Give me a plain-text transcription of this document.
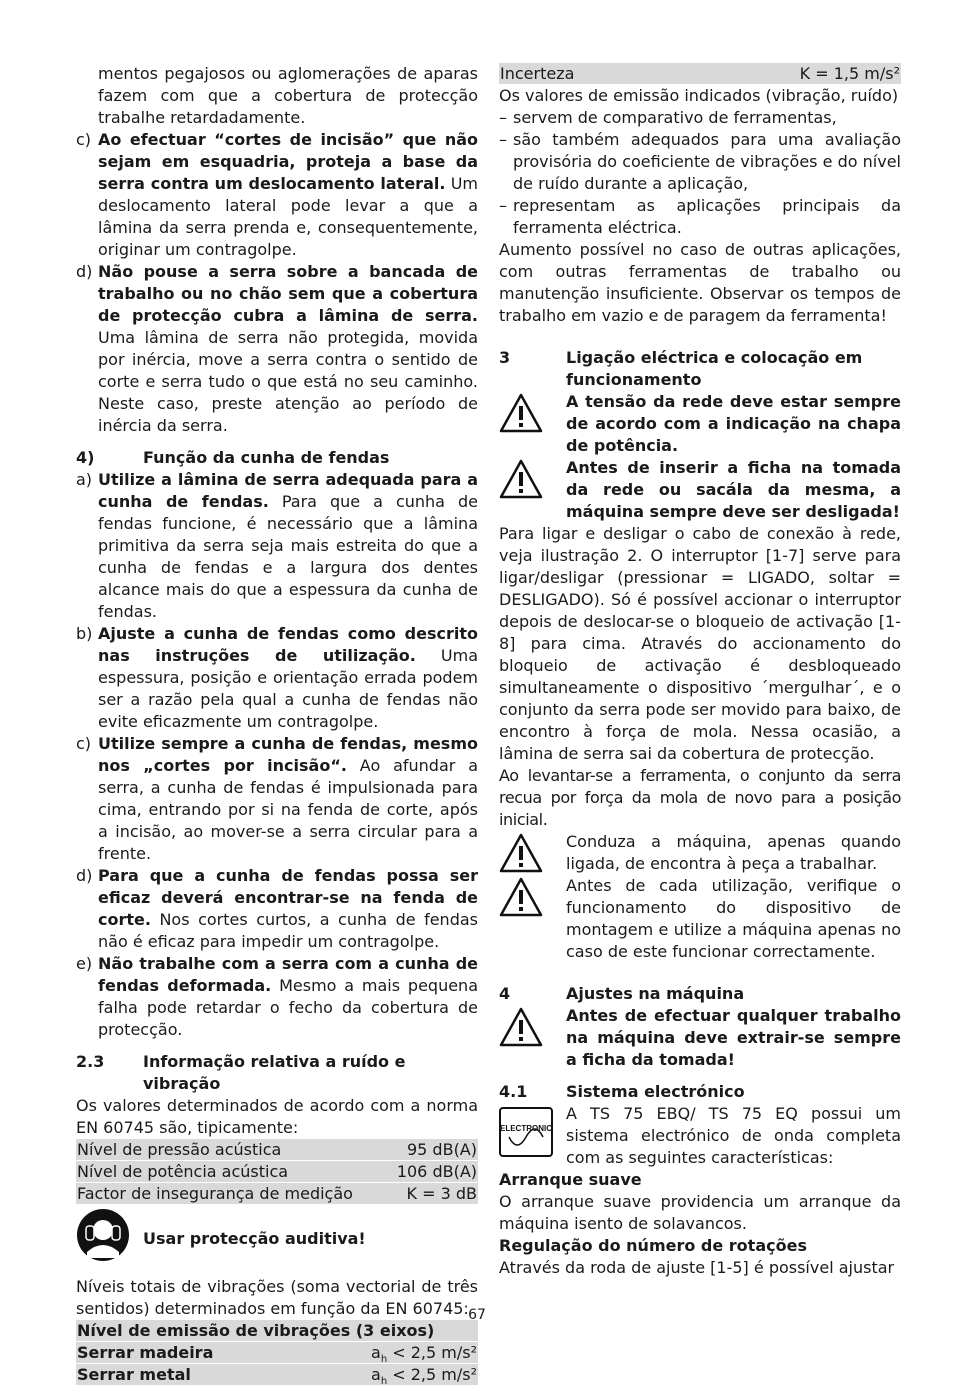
mentos pegajosos ou aglomerações de aparas fazem com que a cobertura de protecção trabalhe retardadamente.

c) Ao efectuar “cortes de incisão” que não sejam em esquadria, proteja a base da serra contra um deslocamento lateral. Um deslocamento lateral pode levar a que a lâmina da serra prenda e, consequentemente, originar um contragolpe.
d) Não pouse a serra sobre a bancada de trabalho ou no chão sem que a cobertura de protecção cubra a lâmina de serra. Uma lâmina de serra não protegida, movida por inércia, move a serra contra o sentido de corte e serra tudo o que está no seu caminho. Neste caso, preste atenção ao período de inércia da serra.
4)	Função da cunha de fendas
a) Utilize a lâmina de serra adequada para a cunha de fendas. Para que a cunha de fendas funcione, é necessário que a lâmina primitiva da serra seja mais estreita do que a cunha de fendas e a largura dos dentes alcance mais do que a espessura da cunha de fendas.
b) Ajuste a cunha de fendas como descrito nas instruções de utilização. Uma espessura, posição e orientação errada podem ser a razão pela qual a cunha de fendas não evite eficazmente um contragolpe.
c) Utilize sempre a cunha de fendas, mesmo nos „cortes por incisão“. Ao afundar a serra, a cunha de fendas é impulsionada para cima, entrando por si na fenda de corte, após a incisão, ao mover-se a serra circular para a frente.
d) Para que a cunha de fendas possa ser eficaz deverá encontrar-se na fenda de corte. Nos cortes curtos, a cunha de fendas não é eficaz para impedir um contragolpe.
e) Não trabalhe com a serra com a cunha de fendas deformada. Mesmo a mais pequena falha pode retardar o fecho da cobertura de protecção.
2.3 Informação relativa a ruído e vibração

Os valores determinados de acordo com a norma EN 60745 são, tipicamente:

Nível de pressão acústica	95 dB(A)
Nível de potência acústica	106 dB(A)
Factor de insegurança de medição	K = 3 dB
Usar protecção auditiva!

Níveis totais de vibrações (soma vectorial de três sentidos) determinados em função da EN 60745:

Nível de emissão de vibrações (3 eixos)
Serrar madeira	$a_h < 2,5$ m/s²
Serrar metal	$a_h < 2,5$ m/s²
Incerteza	K = 1,5 m/s²

Os valores de emissão indicados (vibração, ruído)

– servem de comparativo de ferramentas,
– são também adequados para uma avaliação provisória do coeficiente de vibrações e do nível de ruído durante a aplicação,
– representam as aplicações principais da ferramenta eléctrica.

Aumento possível no caso de outras aplicações, com outras ferramentas de trabalho ou manutenção insuficiente. Observar os tempos de trabalho em vazio e de paragem da ferramenta!

3	Ligação eléctrica e colocação em funcionamento

A tensão da rede deve estar sempre de acordo com a indicação na chapa de potência.

Antes de inserir a ficha na tomada da rede ou sacála da mesma, a máquina sempre deve ser desligada!

Para ligar e desligar o cabo de conexão à rede, veja ilustração 2. O interruptor [1-7] serve para ligar/desligar (pressionar = LIGADO, soltar = DESLIGADO). Só é possível accionar o interruptor depois de deslocar-se o bloqueio de activação [1-8] para cima. Através do accionamento do bloqueio de activação é desbloqueado simultaneamente o dispositivo ´mergulhar´, e o conjunto da serra pode ser movido para baixo, de encontro à força de mola. Nessa ocasião, a lâmina de serra sai da cobertura de protecção.

Ao levantar-se a ferramenta, o conjunto da serra recua por força da mola de novo para a posição inicial.

Conduza a máquina, apenas quando ligada, de encontra à peça a trabalhar.

Antes de cada utilização, verifique o funcionamento do dispositivo de montagem e utilize a máquina apenas no caso de este funcionar correctamente.

4	Ajustes na máquina

Antes de efectuar qualquer trabalho na máquina deve extrair-se sempre a ficha da tomada!

4.1 Sistema electrónico
ELECTRONIC

A TS 75 EBQ/ TS 75 EQ possui um sistema electrónico de onda completa com as seguintes características:

Arranque suave

O arranque suave providencia um arranque da máquina isento de solavancos.

Regulação do número de rotações

Através da roda de ajuste [1-5] é possível ajustar

67
